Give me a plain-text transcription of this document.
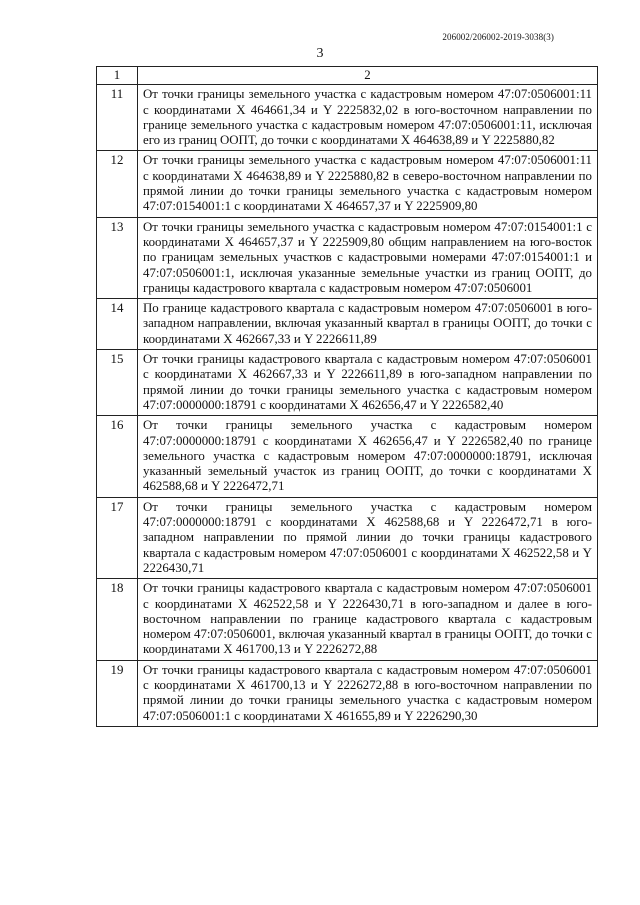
206002/206002-2019-3038(3)
3
1	2
11	От точки границы земельного участка с кадастровым номером 47:07:0506001:11 с координатами X 464661,34 и Y 2225832,02 в юго-восточном направлении по границе земельного участка с кадастровым номером 47:07:0506001:11, исключая его из границ ООПТ, до точки с координатами X 464638,89 и Y 2225880,82
12	От точки границы земельного участка с кадастровым номером 47:07:0506001:11 с координатами X 464638,89 и Y 2225880,82 в северо-восточном направлении по прямой линии до точки границы земельного участка с кадастровым номером 47:07:0154001:1 с координатами X 464657,37 и Y 2225909,80
13	От точки границы земельного участка с кадастровым номером 47:07:0154001:1 с координатами X 464657,37 и Y 2225909,80 общим направлением на юго-восток по границам земельных участков с кадастровыми номерами 47:07:0154001:1 и 47:07:0506001:1, исключая указанные земельные участки из границ ООПТ, до границы кадастрового квартала с кадастровым номером 47:07:0506001
14	По границе кадастрового квартала с кадастровым номером 47:07:0506001 в юго-западном направлении, включая указанный квартал в границы ООПТ, до точки с координатами X 462667,33 и Y 2226611,89
15	От точки границы кадастрового квартала с кадастровым номером 47:07:0506001 с координатами X 462667,33 и Y 2226611,89 в юго-западном направлении по прямой линии до точки границы земельного участка с кадастровым номером 47:07:0000000:18791 с координатами X 462656,47 и Y 2226582,40
16	От точки границы земельного участка с кадастровым номером 47:07:0000000:18791 с координатами X 462656,47 и Y 2226582,40 по границе земельного участка с кадастровым номером 47:07:0000000:18791, исключая указанный земельный участок из границ ООПТ, до точки с координатами X 462588,68 и Y 2226472,71
17	От точки границы земельного участка с кадастровым номером 47:07:0000000:18791 с координатами X 462588,68 и Y 2226472,71 в юго-западном направлении по прямой линии до точки границы кадастрового квартала с кадастровым номером 47:07:0506001 с координатами X 462522,58 и Y 2226430,71
18	От точки границы кадастрового квартала с кадастровым номером 47:07:0506001 с координатами X 462522,58 и Y 2226430,71 в юго-западном и далее в юго-восточном направлении по границе кадастрового квартала с кадастровым номером 47:07:0506001, включая указанный квартал в границы ООПТ, до точки с координатами X 461700,13 и Y 2226272,88
19	От точки границы кадастрового квартала с кадастровым номером 47:07:0506001 с координатами X 461700,13 и Y 2226272,88 в юго-восточном направлении по прямой линии до точки границы земельного участка с кадастровым номером 47:07:0506001:1 с координатами X 461655,89 и Y 2226290,30
